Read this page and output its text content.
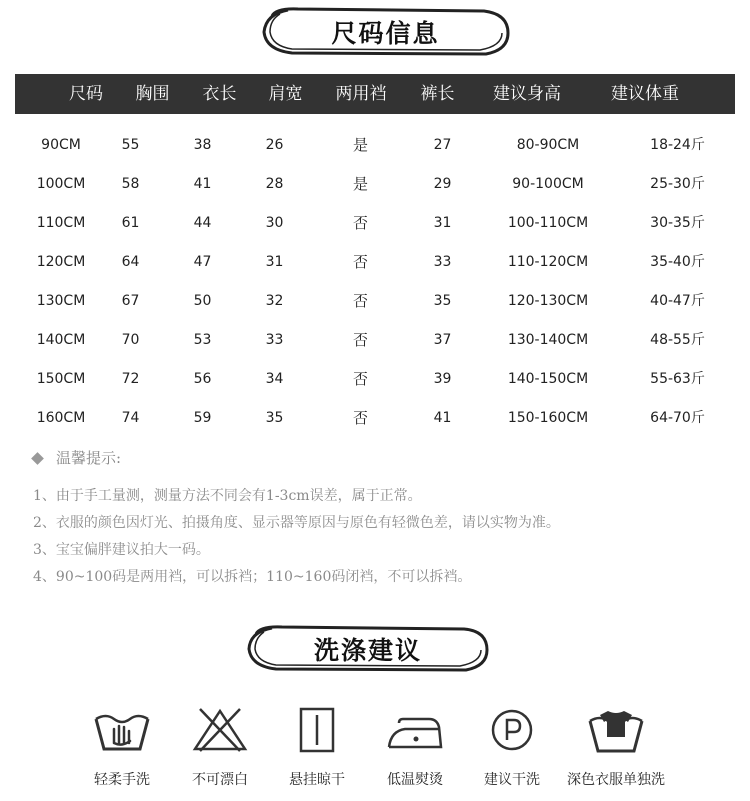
尺码信息
尺码	胸围	衣长	肩宽	两用裆	裤长	建议身高	建议体重
90CM	55	38	26	是	27	80-90CM	18-24斤
100CM	58	41	28	是	29	90-100CM	25-30斤
110CM	61	44	30	否	31	100-110CM	30-35斤
120CM	64	47	31	否	33	110-120CM	35-40斤
130CM	67	50	32	否	35	120-130CM	40-47斤
140CM	70	53	33	否	37	130-140CM	48-55斤
150CM	72	56	34	否	39	140-150CM	55-63斤
160CM	74	59	35	否	41	150-160CM	64-70斤
温馨提示:
1、由于手工量测，测量方法不同会有1-3cm误差，属于正常。
2、衣服的颜色因灯光、拍摄角度、显示器等原因与原色有轻微色差，请以实物为准。
3、宝宝偏胖建议拍大一码。
4、90~100码是两用裆，可以拆裆；110~160码闭裆，不可以拆裆。
洗涤建议
轻柔手洗	不可漂白	悬挂晾干	低温熨烫	建议干洗	深色衣服单独洗
